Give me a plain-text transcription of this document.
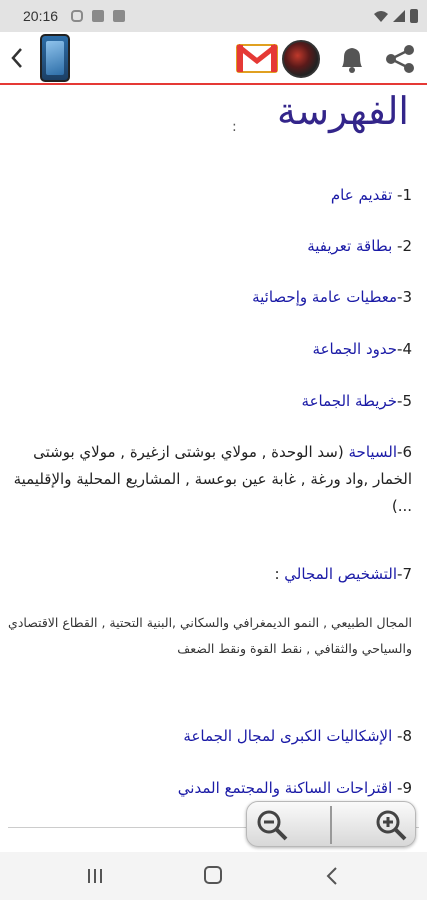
20:16
الفهرسة
:
1- تقديم عام
2- بطاقة تعريفية
3-معطيات عامة وإحصائية
4-حدود الجماعة
5-خريطة الجماعة
6-السياحة (سد الوحدة , مولاي بوشتى ازغيرة , مولاي بوشتى الخمار ,واد ورغة , غابة عين بوعسة , المشاريع المحلية والإقليمية ...)
7-التشخيص المجالي :
المجال الطبيعي , النمو الديمغرافي والسكاني ,البنية التحتية , القطاع الاقتصادي والسياحي والثقافي , نقط القوة ونقط الضعف
8- الإشكاليات الكبرى لمجال الجماعة
9- اقتراحات الساكنة والمجتمع المدني
